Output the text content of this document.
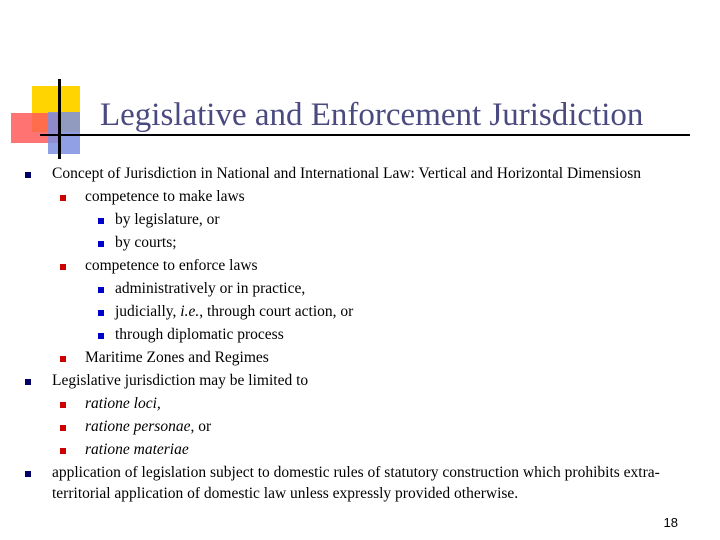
Legislative and Enforcement Jurisdiction
Concept of Jurisdiction in National and International Law: Vertical and Horizontal Dimensiosn
competence to make laws
by legislature, or
by courts;
competence to enforce laws
administratively or in practice,
judicially, i.e., through court action, or
through diplomatic process
Maritime Zones and Regimes
Legislative jurisdiction may be limited to
ratione loci,
ratione personae, or
ratione materiae
application of legislation subject to domestic rules of statutory construction which prohibits extra-
territorial application of domestic law unless expressly provided otherwise.
18
